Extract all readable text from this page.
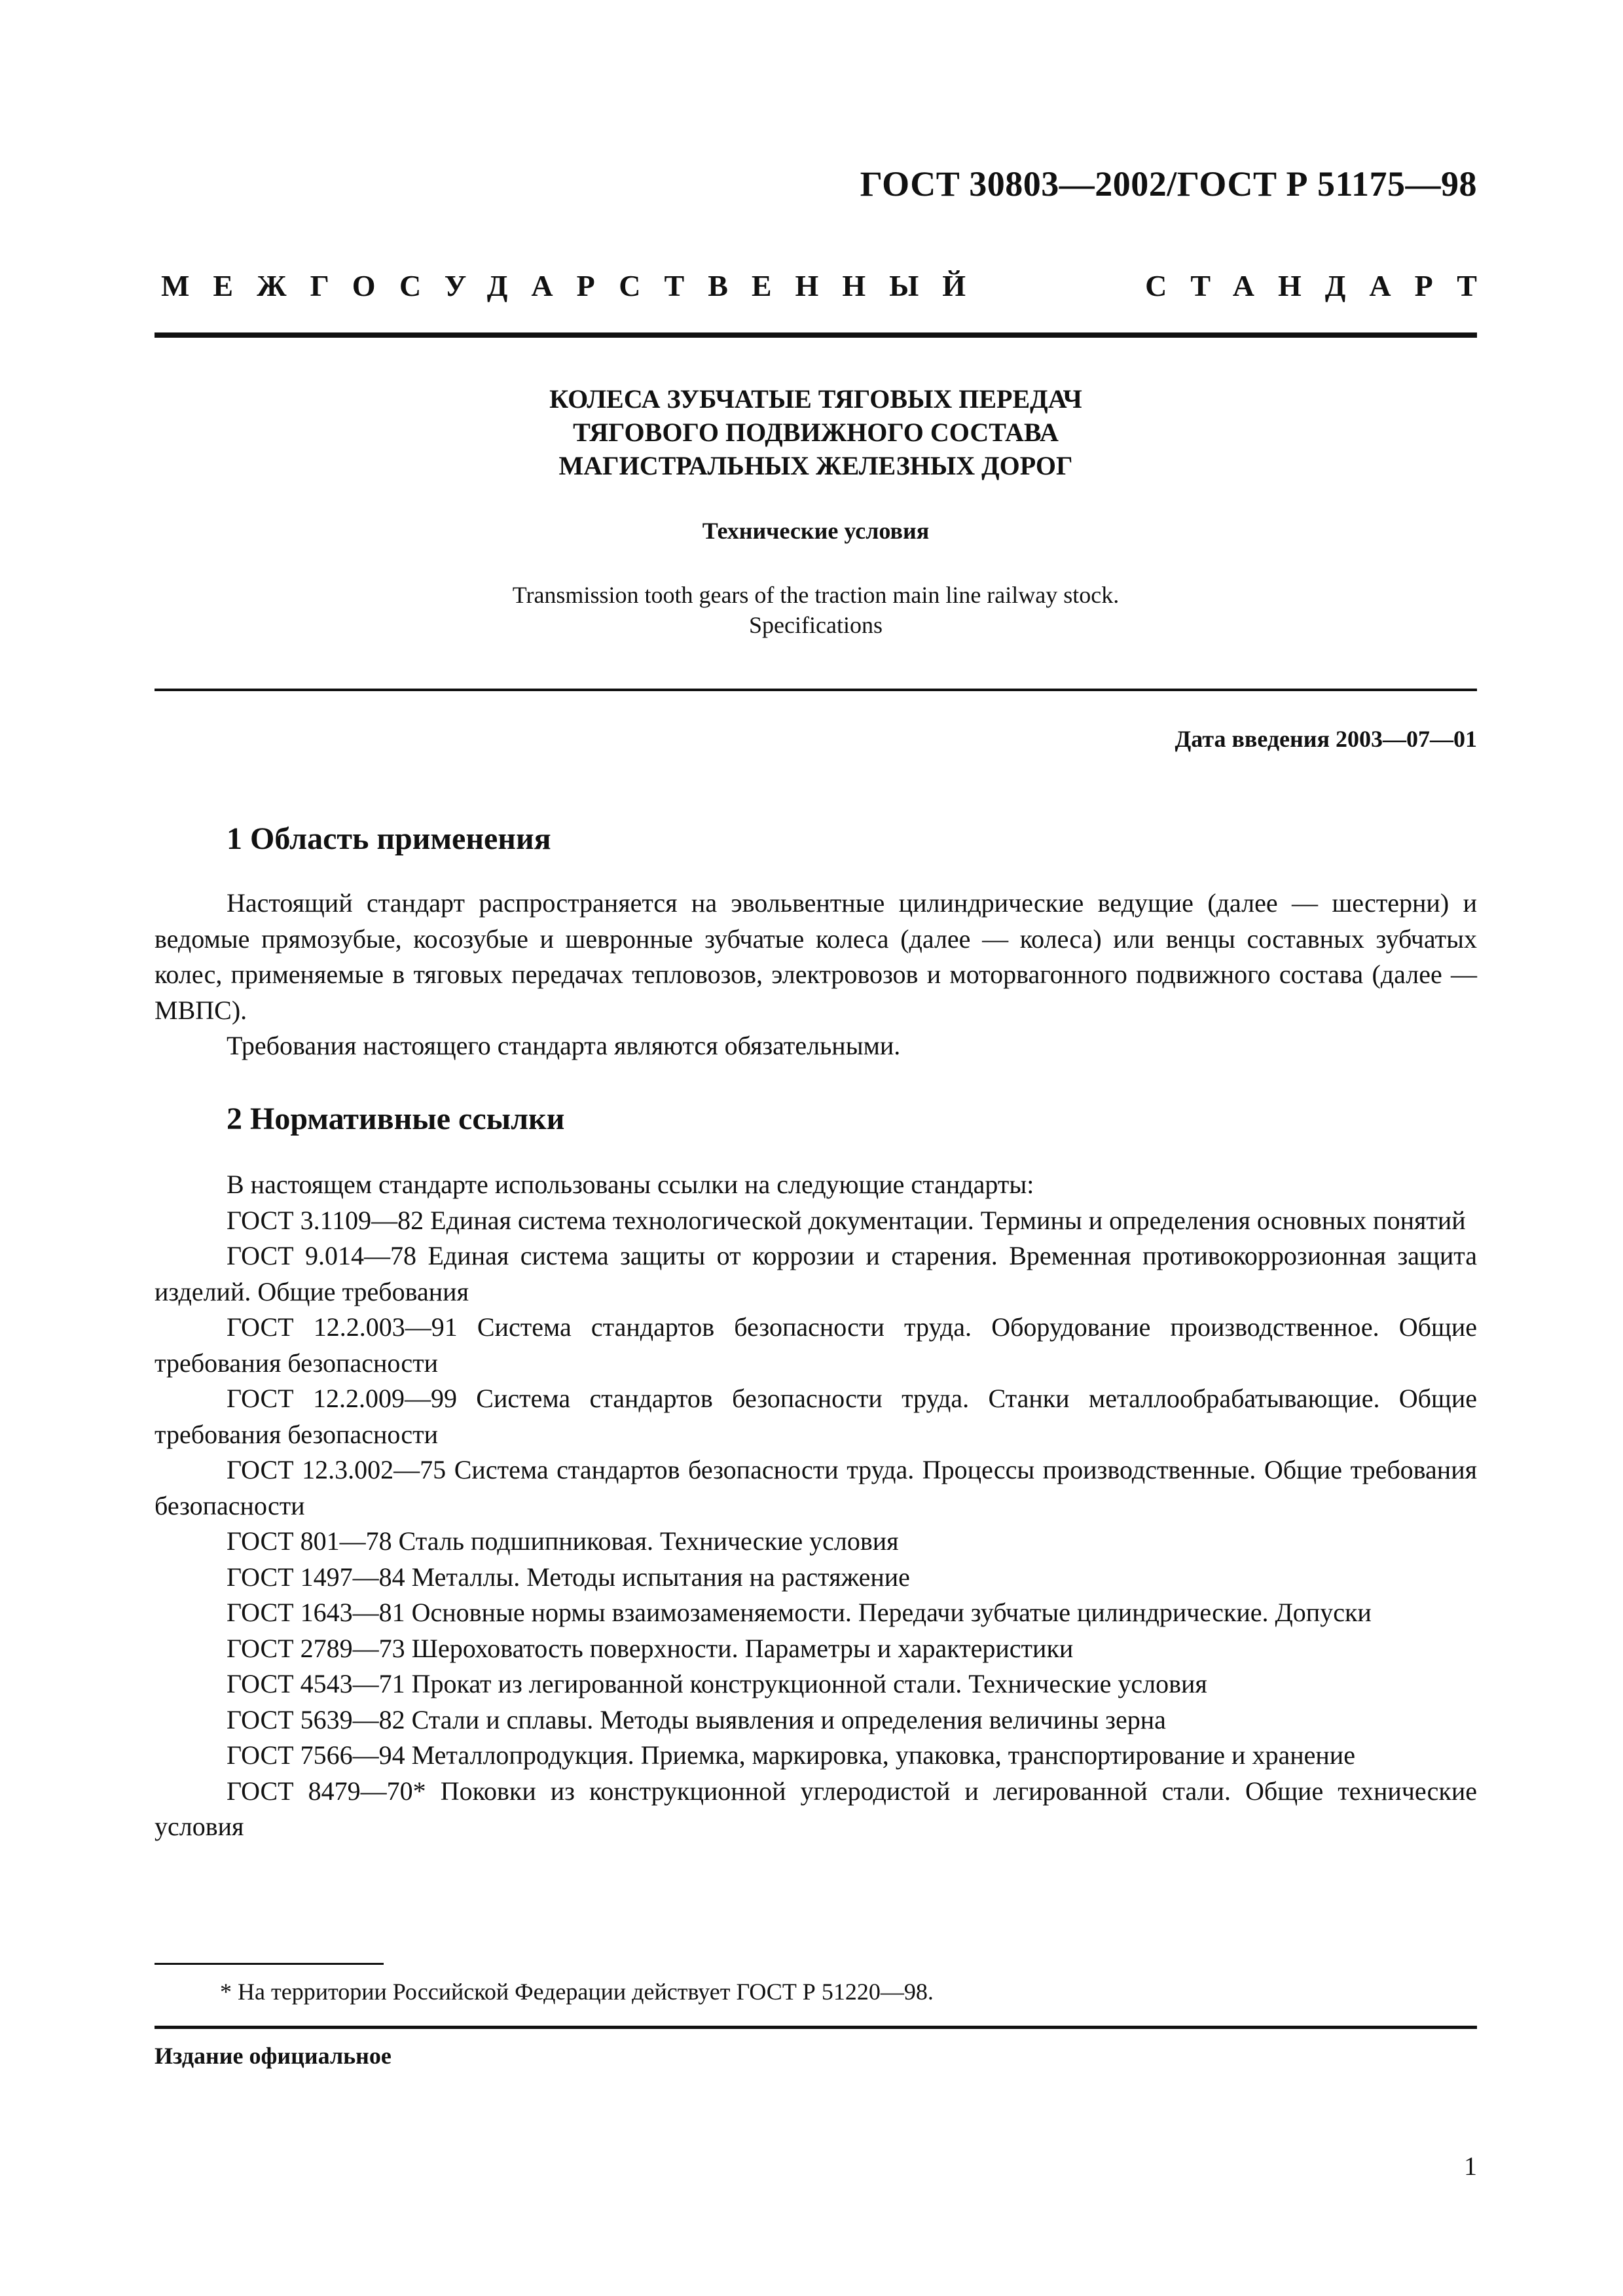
ГОСТ 30803—2002/ГОСТ Р 51175—98
МЕЖГОСУДАРСТВЕННЫЙ	СТАНДАРТ
КОЛЕСА ЗУБЧАТЫЕ ТЯГОВЫХ ПЕРЕДАЧ
ТЯГОВОГО ПОДВИЖНОГО СОСТАВА
МАГИСТРАЛЬНЫХ ЖЕЛЕЗНЫХ ДОРОГ
Технические условия
Transmission tooth gears of the traction main line railway stock.
Specifications
Дата введения 2003—07—01
1 Область применения

Настоящий стандарт распространяется на эвольвентные цилиндрические ведущие (далее — шестерни) и ведомые прямозубые, косозубые и шевронные зубчатые колеса (далее — колеса) или венцы составных зубчатых колес, применяемые в тяговых передачах тепловозов, электровозов и моторвагонного подвижного состава (далее — МВПС).

Требования настоящего стандарта являются обязательными.

2 Нормативные ссылки

В настоящем стандарте использованы ссылки на следующие стандарты:

ГОСТ 3.1109—82 Единая система технологической документации. Термины и определения основных понятий

ГОСТ 9.014—78 Единая система защиты от коррозии и старения. Временная противокоррозионная защита изделий. Общие требования

ГОСТ 12.2.003—91 Система стандартов безопасности труда. Оборудование производственное. Общие требования безопасности

ГОСТ 12.2.009—99 Система стандартов безопасности труда. Станки металлообрабатывающие. Общие требования безопасности

ГОСТ 12.3.002—75 Система стандартов безопасности труда. Процессы производственные. Общие требования безопасности

ГОСТ 801—78 Сталь подшипниковая. Технические условия

ГОСТ 1497—84 Металлы. Методы испытания на растяжение

ГОСТ 1643—81 Основные нормы взаимозаменяемости. Передачи зубчатые цилиндрические. Допуски

ГОСТ 2789—73 Шероховатость поверхности. Параметры и характеристики

ГОСТ 4543—71 Прокат из легированной конструкционной стали. Технические условия

ГОСТ 5639—82 Стали и сплавы. Методы выявления и определения величины зерна

ГОСТ 7566—94 Металлопродукция. Приемка, маркировка, упаковка, транспортирование и хранение

ГОСТ 8479—70* Поковки из конструкционной углеродистой и легированной стали. Общие технические условия

* На территории Российской Федерации действует ГОСТ Р 51220—98.
Издание официальное
1
